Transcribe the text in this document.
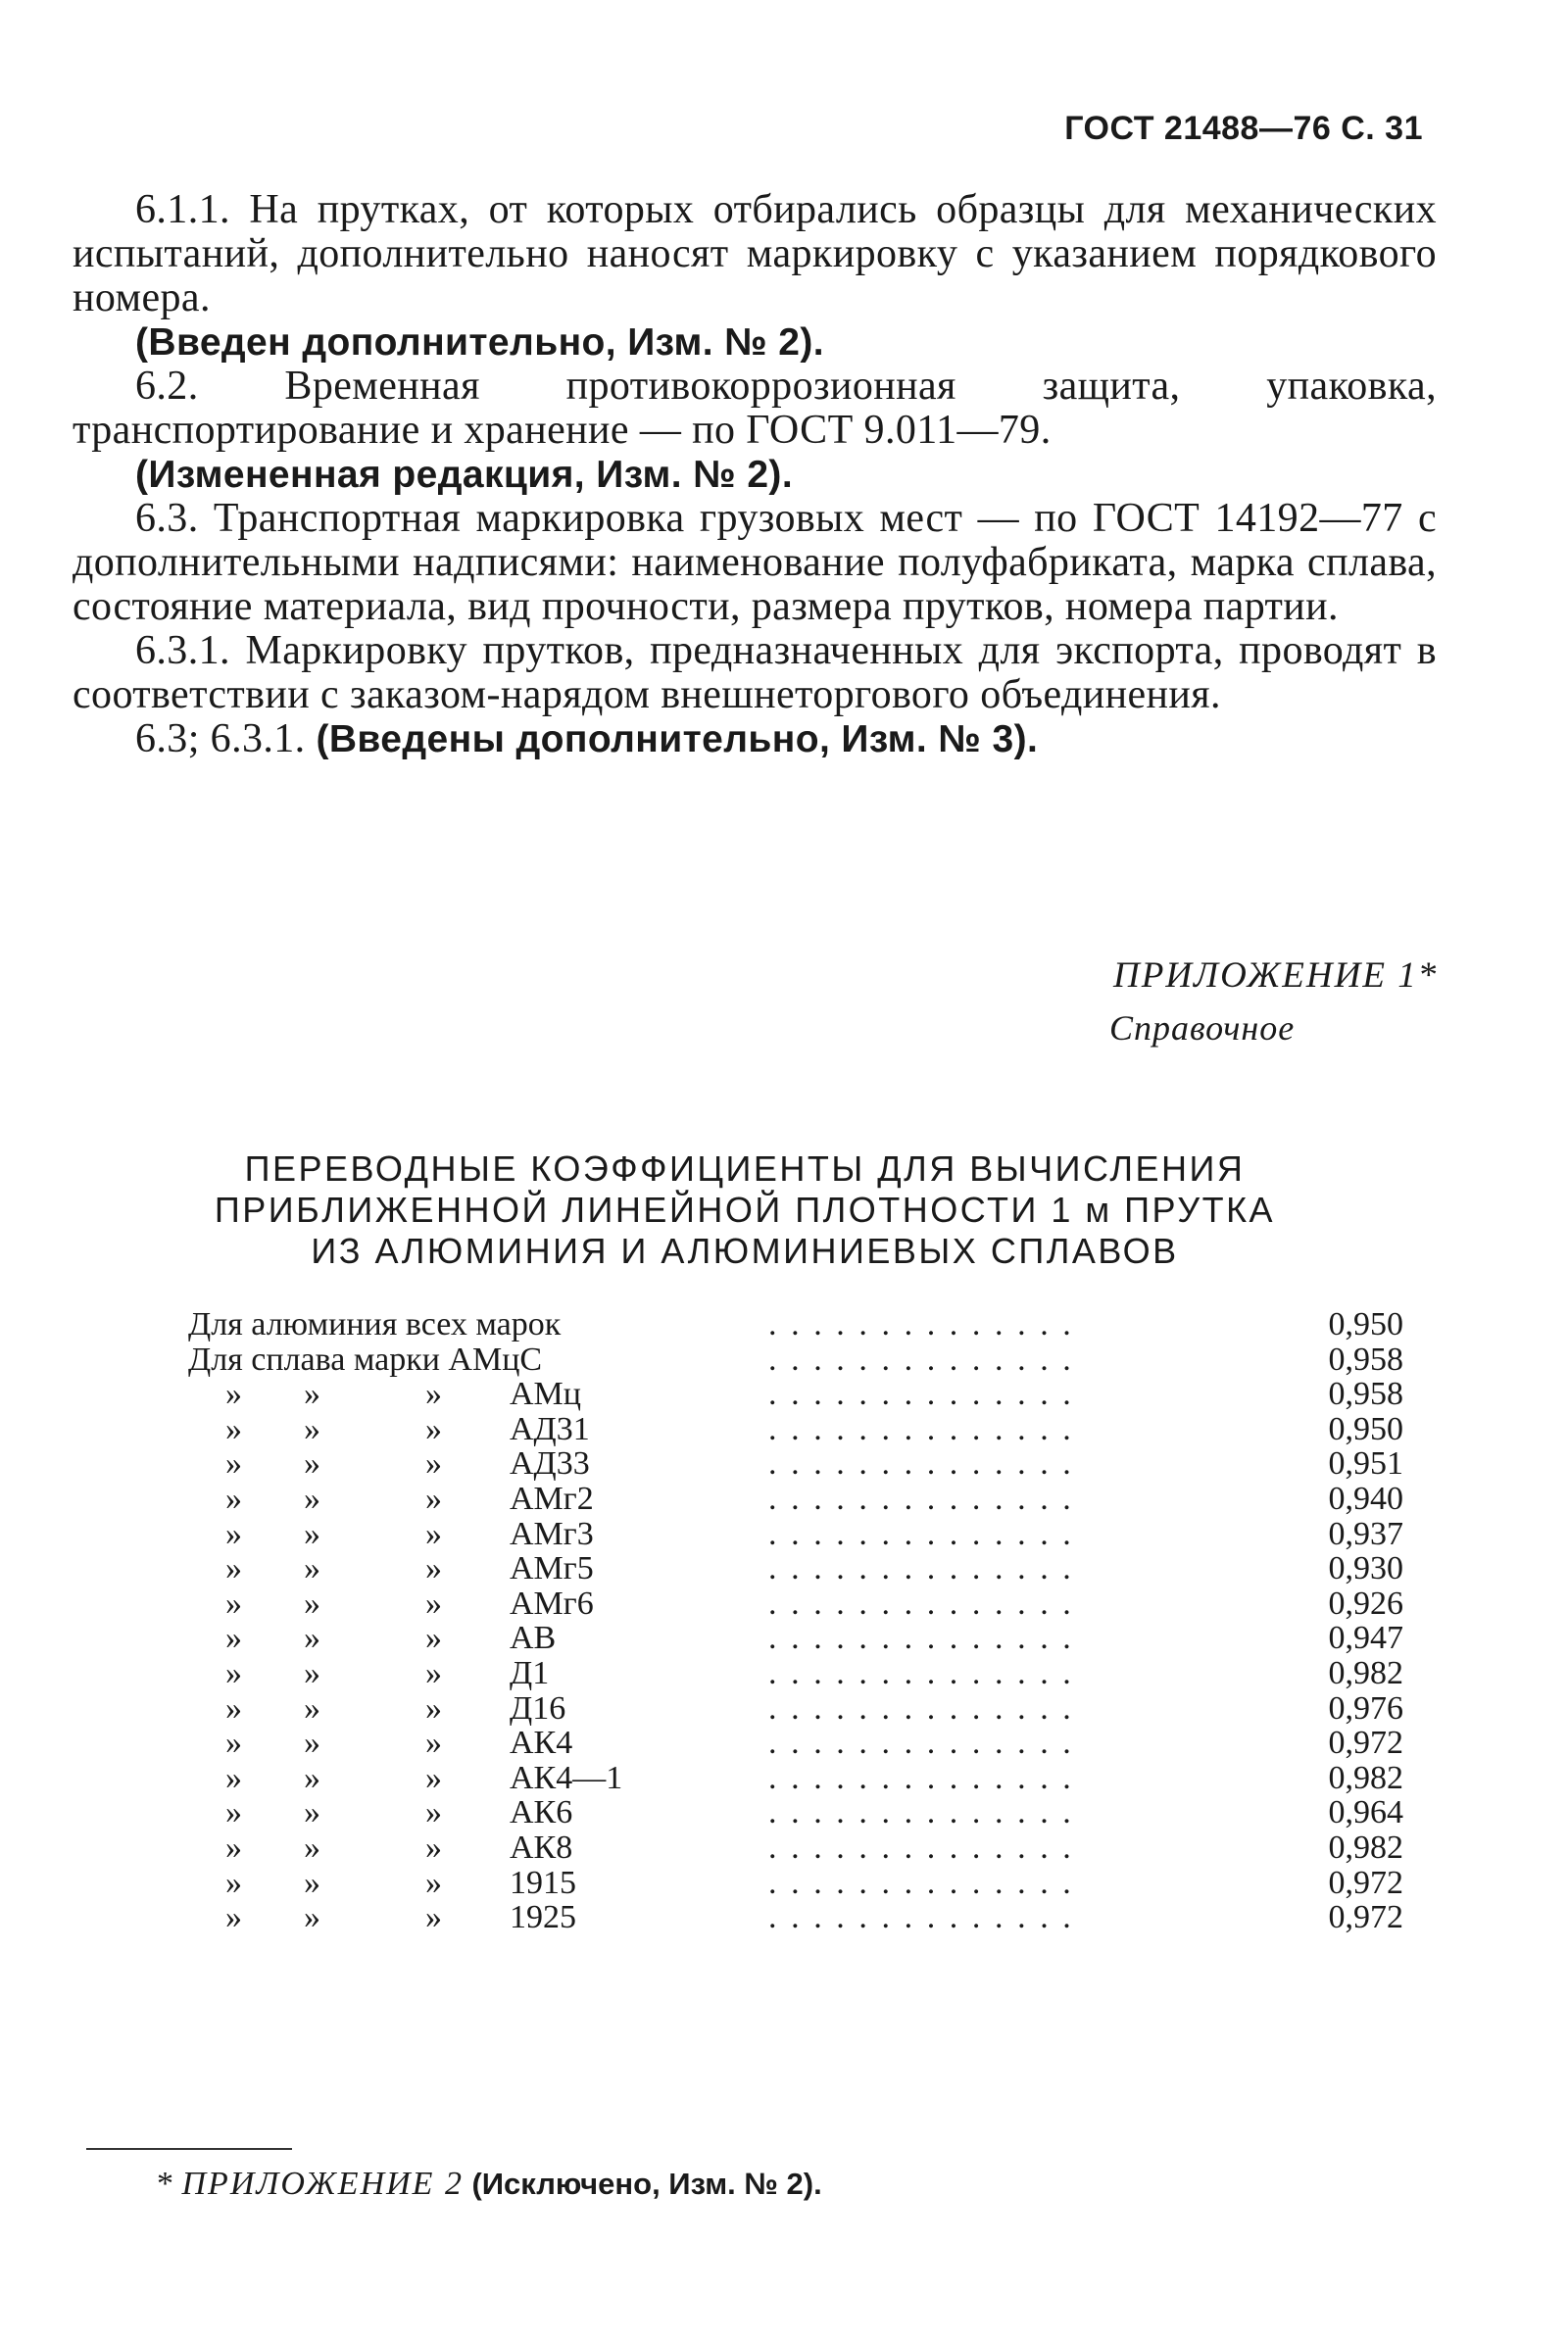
ГОСТ 21488—76 С. 31

6.1.1. На прутках, от которых отбирались образцы для механических испытаний, дополнительно наносят маркировку с указанием порядкового номера.

(Введен дополнительно, Изм. № 2).

6.2. Временная противокоррозионная защита, упаковка, транспортирование и хранение — по ГОСТ 9.011—79.

(Измененная редакция, Изм. № 2).

6.3. Транспортная маркировка грузовых мест — по ГОСТ 14192—77 с дополнительными надписями: наименование полуфабриката, марка сплава, состояние материала, вид прочности, размера прутков, номера партии.

6.3.1. Маркировку прутков, предназначенных для экспорта, проводят в соответствии с заказом-нарядом внешнеторгового объединения.

6.3; 6.3.1. (Введены дополнительно, Изм. № 3).

ПРИЛОЖЕНИЕ 1*
Справочное
ПЕРЕВОДНЫЕ КОЭФФИЦИЕНТЫ ДЛЯ ВЫЧИСЛЕНИЯ
ПРИБЛИЖЕННОЙ ЛИНЕЙНОЙ ПЛОТНОСТИ 1 м ПРУТКА
ИЗ АЛЮМИНИЯ И АЛЮМИНИЕВЫХ СПЛАВОВ
Для алюминия всех марок	..............	0,950
Для сплава марки АМцС	..............	0,958
» »	» АМц	..............	0,958
» »	» АД31	..............	0,950
» »	» АД33	..............	0,951
» »	» АМг2	..............	0,940
» »	» АМг3	..............	0,937
» »	» АМг5	..............	0,930
» »	» АМг6	..............	0,926
» »	» АВ	..............	0,947
» »	» Д1	..............	0,982
» »	» Д16	..............	0,976
» »	» АК4	..............	0,972
» »	» АК4—1	..............	0,982
» »	» АК6	..............	0,964
» »	» АК8	..............	0,982
» »	» 1915	..............	0,972
» »	» 1925	..............	0,972
* ПРИЛОЖЕНИЕ 2 (Исключено, Изм. № 2).
